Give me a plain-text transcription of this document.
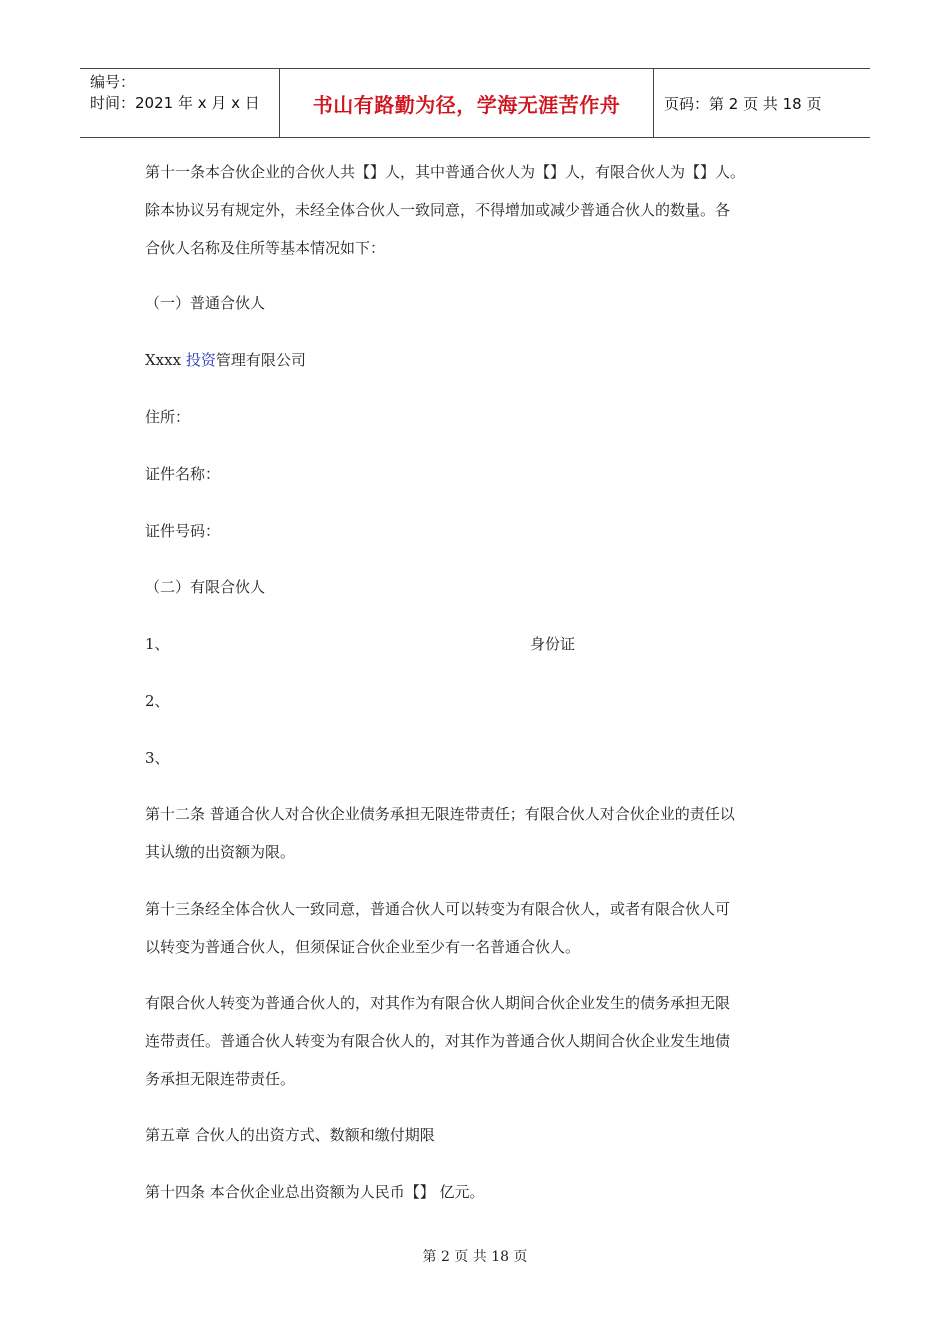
编号：
时间：2021 年 x 月 x 日	书山有路勤为径，学海无涯苦作舟	页码：第 2 页 共 18 页

第十一条本合伙企业的合伙人共【】人，其中普通合伙人为【】人，有限合伙人为【】人。

除本协议另有规定外，未经全体合伙人一致同意，不得增加或减少普通合伙人的数量。各

合伙人名称及住所等基本情况如下：

（一）普通合伙人

Xxxx 投资管理有限公司

住所：

证件名称：

证件号码：

（二）有限合伙人

1、	身份证

2、

3、

第十二条 普通合伙人对合伙企业债务承担无限连带责任；有限合伙人对合伙企业的责任以

其认缴的出资额为限。

第十三条经全体合伙人一致同意，普通合伙人可以转变为有限合伙人，或者有限合伙人可

以转变为普通合伙人，但须保证合伙企业至少有一名普通合伙人。

有限合伙人转变为普通合伙人的，对其作为有限合伙人期间合伙企业发生的债务承担无限

连带责任。普通合伙人转变为有限合伙人的，对其作为普通合伙人期间合伙企业发生地债

务承担无限连带责任。

第五章 合伙人的出资方式、数额和缴付期限

第十四条 本合伙企业总出资额为人民币【】 亿元。

第 2 页 共 18 页
